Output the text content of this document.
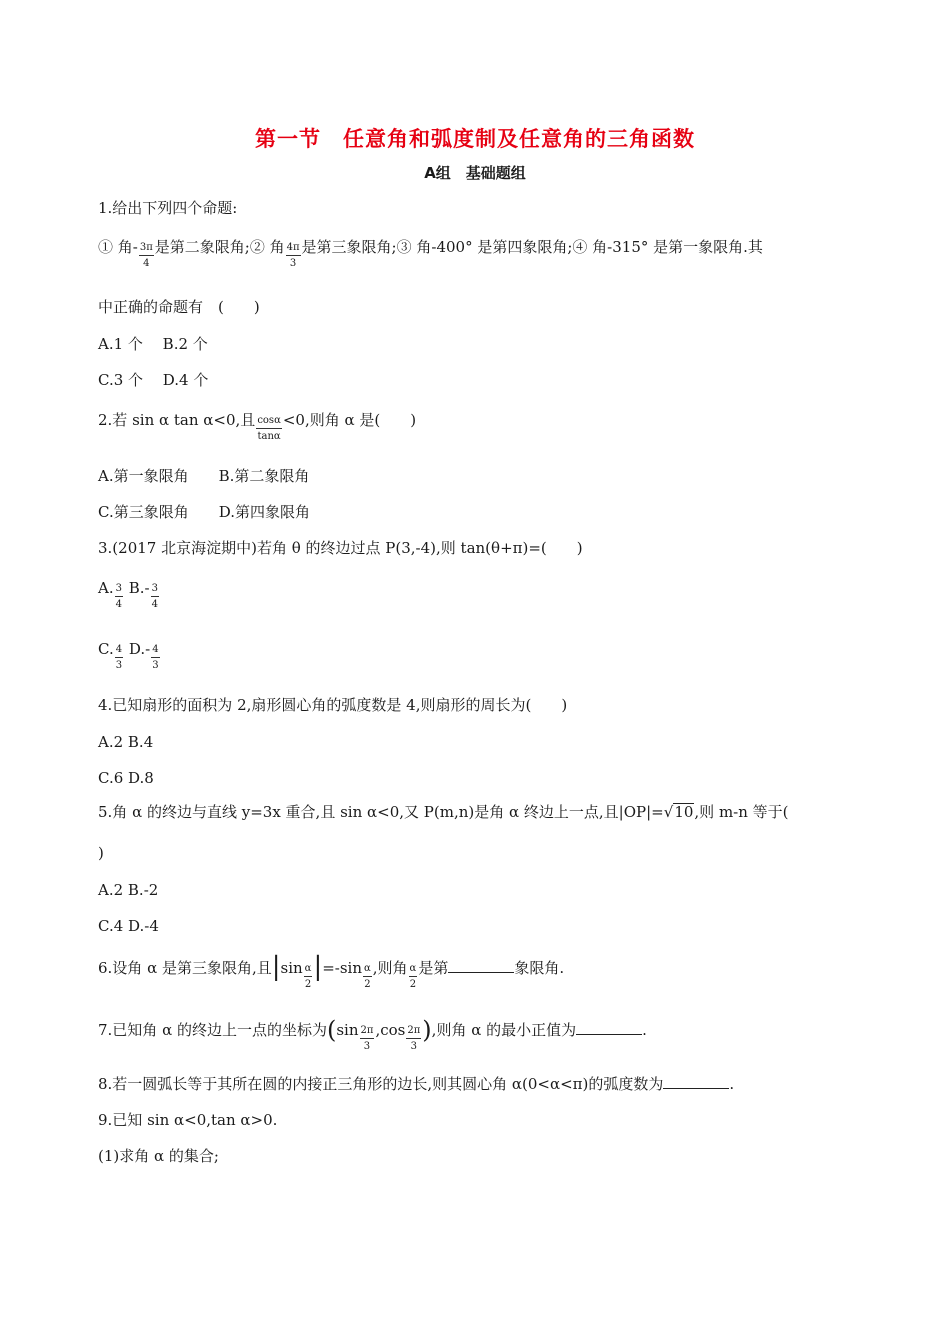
第一节　任意角和弧度制及任意角的三角函数
A组　基础题组
1.给出下列四个命题:
① 角- $\frac{3\pi}{4}$ 是第二象限角;② 角 $\frac{4\pi}{3}$ 是第三象限角;③ 角-400° 是第四象限角;④ 角-315° 是第一象限角.其
中正确的命题有　(　　)
A.1 个　 B.2 个
C.3 个　 D.4 个
2.若 sin α tan α<0,且 $\frac{\cos\alpha}{\tan\alpha} <0$,则角 α 是(　　)
A.第一象限角　　B.第二象限角
C.第三象限角　　D.第四象限角
3.(2017 北京海淀期中)若角 θ 的终边过点 P(3,-4),则 tan(θ+π)=(　　)
A. $\frac{3}{4} B.- \frac{3}{4}$
C. $\frac{4}{3} D.- \frac{4}{3}$
4.已知扇形的面积为 2,扇形圆心角的弧度数是 4,则扇形的周长为(　　)
A.2 B.4
C.6 D.8
5.角 α 的终边与直线 y=3x 重合,且 sin α<0,又 P(m,n)是角 α 终边上一点,且|OP|=√10,则 m-n 等于(
)
A.2 B.-2
C.4 D.-4
6.设角 α 是第三象限角,且$|\sin \frac{\alpha}{2} |=-\sin \frac{\alpha}{2}$ ,则角 $\frac{\alpha}{2}$ 是第	象限角.
7.已知角 α 的终边上一点的坐标为($\sin \frac{2\pi}{3} ,\cos \frac{2\pi}{3}$ ),则角 α 的最小正值为	.
8.若一圆弧长等于其所在圆的内接正三角形的边长,则其圆心角 α(0<α<π)的弧度数为	.
9.已知 sin α<0,tan α>0.
(1)求角 α 的集合;
